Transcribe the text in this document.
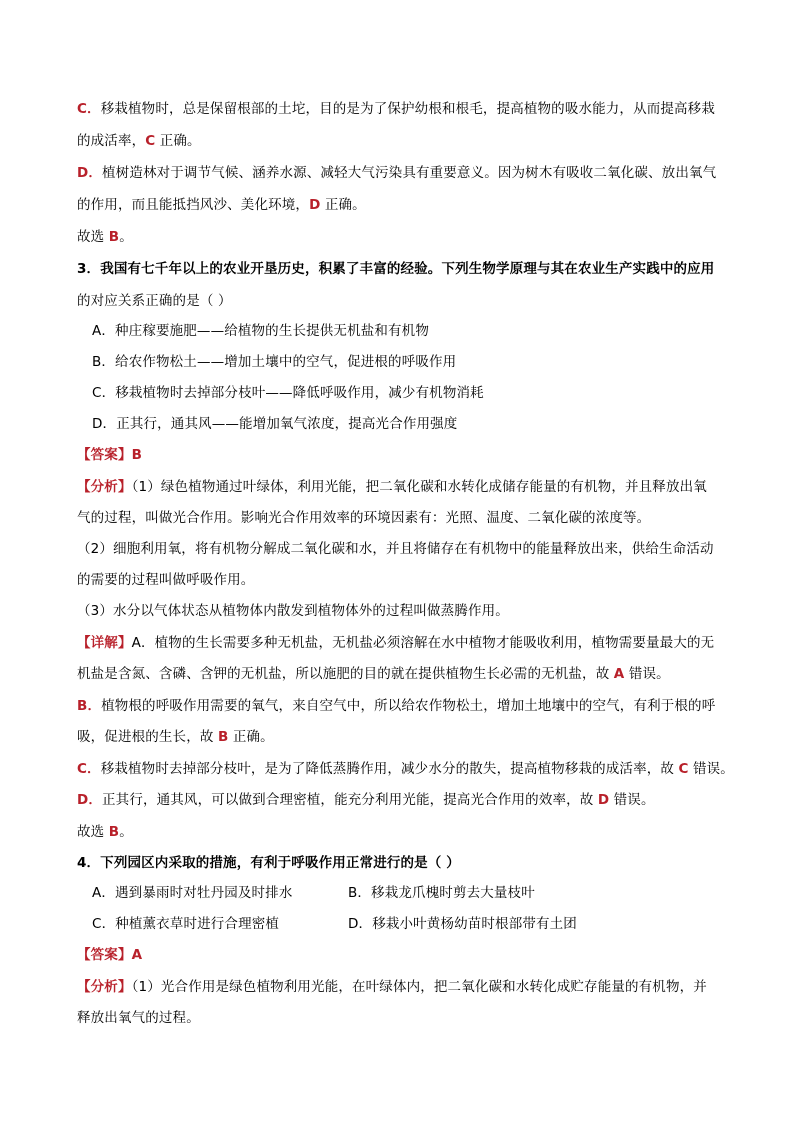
C．移栽植物时，总是保留根部的土坨，目的是为了保护幼根和根毛，提高植物的吸水能力，从而提高移栽
的成活率，C 正确。
D．植树造林对于调节气候、涵养水源、减轻大气污染具有重要意义。因为树木有吸收二氧化碳、放出氧气
的作用，而且能抵挡风沙、美化环境，D 正确。
故选 B。
3．我国有七千年以上的农业开垦历史，积累了丰富的经验。下列生物学原理与其在农业生产实践中的应用
的对应关系正确的是（ ）
A．种庄稼要施肥——给植物的生长提供无机盐和有机物
B．给农作物松土——增加土壤中的空气，促进根的呼吸作用
C．移栽植物时去掉部分枝叶——降低呼吸作用，减少有机物消耗
D．正其行，通其风——能增加氧气浓度，提高光合作用强度
【答案】B
【分析】（1）绿色植物通过叶绿体，利用光能，把二氧化碳和水转化成储存能量的有机物，并且释放出氧
气的过程，叫做光合作用。影响光合作用效率的环境因素有：光照、温度、二氧化碳的浓度等。
（2）细胞利用氧，将有机物分解成二氧化碳和水，并且将储存在有机物中的能量释放出来，供给生命活动
的需要的过程叫做呼吸作用。
（3）水分以气体状态从植物体内散发到植物体外的过程叫做蒸腾作用。
【详解】A．植物的生长需要多种无机盐，无机盐必须溶解在水中植物才能吸收利用，植物需要量最大的无
机盐是含氮、含磷、含钾的无机盐，所以施肥的目的就在提供植物生长必需的无机盐，故 A 错误。
B．植物根的呼吸作用需要的氧气，来自空气中，所以给农作物松土，增加土地壤中的空气，有利于根的呼
吸，促进根的生长，故 B 正确。
C．移栽植物时去掉部分枝叶，是为了降低蒸腾作用，减少水分的散失，提高植物移栽的成活率，故 C 错误。
D．正其行，通其风，可以做到合理密植，能充分利用光能，提高光合作用的效率，故 D 错误。
故选 B。
4．下列园区内采取的措施，有利于呼吸作用正常进行的是（ ）
A．遇到暴雨时对牡丹园及时排水	B．移栽龙爪槐时剪去大量枝叶
C．种植薰衣草时进行合理密植	D．移栽小叶黄杨幼苗时根部带有土团
【答案】A
【分析】（1）光合作用是绿色植物利用光能，在叶绿体内，把二氧化碳和水转化成贮存能量的有机物，并
释放出氧气的过程。
